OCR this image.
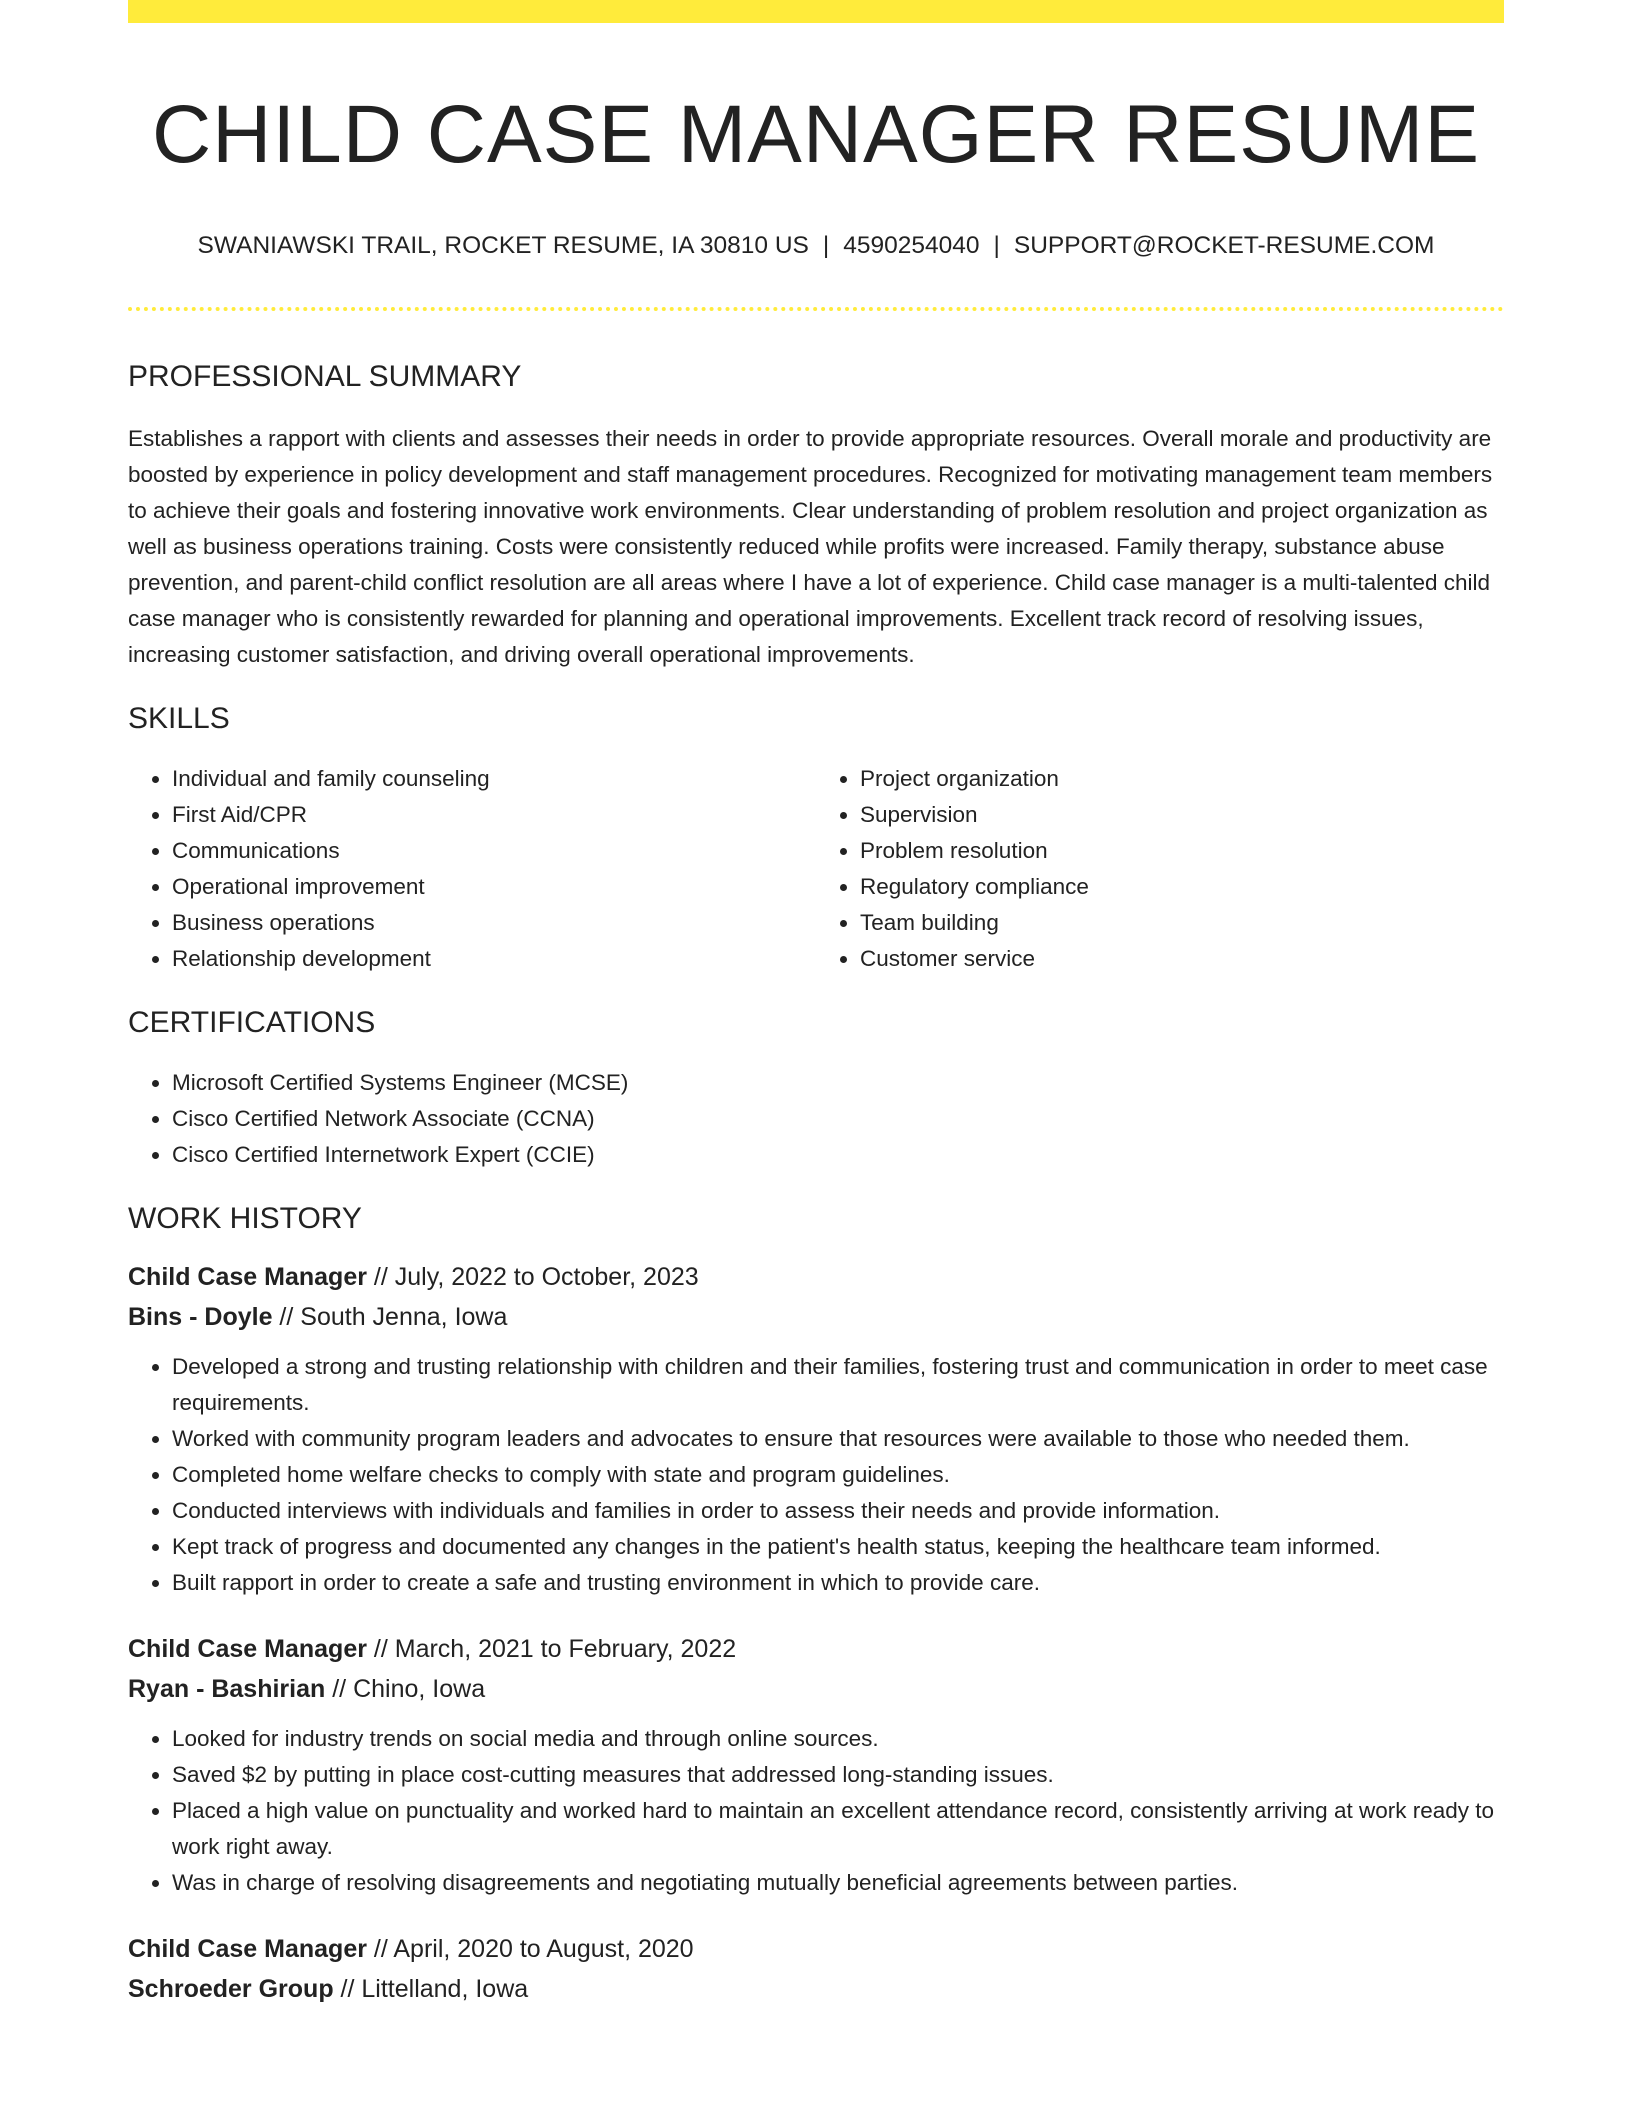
CHILD CASE MANAGER RESUME
SWANIAWSKI TRAIL, ROCKET RESUME, IA 30810 US | 4590254040 | SUPPORT@ROCKET-RESUME.COM
PROFESSIONAL SUMMARY
Establishes a rapport with clients and assesses their needs in order to provide appropriate resources. Overall morale and productivity are boosted by experience in policy development and staff management procedures. Recognized for motivating management team members to achieve their goals and fostering innovative work environments. Clear understanding of problem resolution and project organization as well as business operations training. Costs were consistently reduced while profits were increased. Family therapy, substance abuse prevention, and parent-child conflict resolution are all areas where I have a lot of experience. Child case manager is a multi-talented child case manager who is consistently rewarded for planning and operational improvements. Excellent track record of resolving issues, increasing customer satisfaction, and driving overall operational improvements.
SKILLS
• Individual and family counseling
• First Aid/CPR
• Communications
• Operational improvement
• Business operations
• Relationship development
• Project organization
• Supervision
• Problem resolution
• Regulatory compliance
• Team building
• Customer service
CERTIFICATIONS
• Microsoft Certified Systems Engineer (MCSE)
• Cisco Certified Network Associate (CCNA)
• Cisco Certified Internetwork Expert (CCIE)
WORK HISTORY
Child Case Manager // July, 2022 to October, 2023
Bins - Doyle // South Jenna, Iowa
• Developed a strong and trusting relationship with children and their families, fostering trust and communication in order to meet case requirements.
• Worked with community program leaders and advocates to ensure that resources were available to those who needed them.
• Completed home welfare checks to comply with state and program guidelines.
• Conducted interviews with individuals and families in order to assess their needs and provide information.
• Kept track of progress and documented any changes in the patient's health status, keeping the healthcare team informed.
• Built rapport in order to create a safe and trusting environment in which to provide care.
Child Case Manager // March, 2021 to February, 2022
Ryan - Bashirian // Chino, Iowa
• Looked for industry trends on social media and through online sources.
• Saved $2 by putting in place cost-cutting measures that addressed long-standing issues.
• Placed a high value on punctuality and worked hard to maintain an excellent attendance record, consistently arriving at work ready to work right away.
• Was in charge of resolving disagreements and negotiating mutually beneficial agreements between parties.
Child Case Manager // April, 2020 to August, 2020
Schroeder Group // Littelland, Iowa
